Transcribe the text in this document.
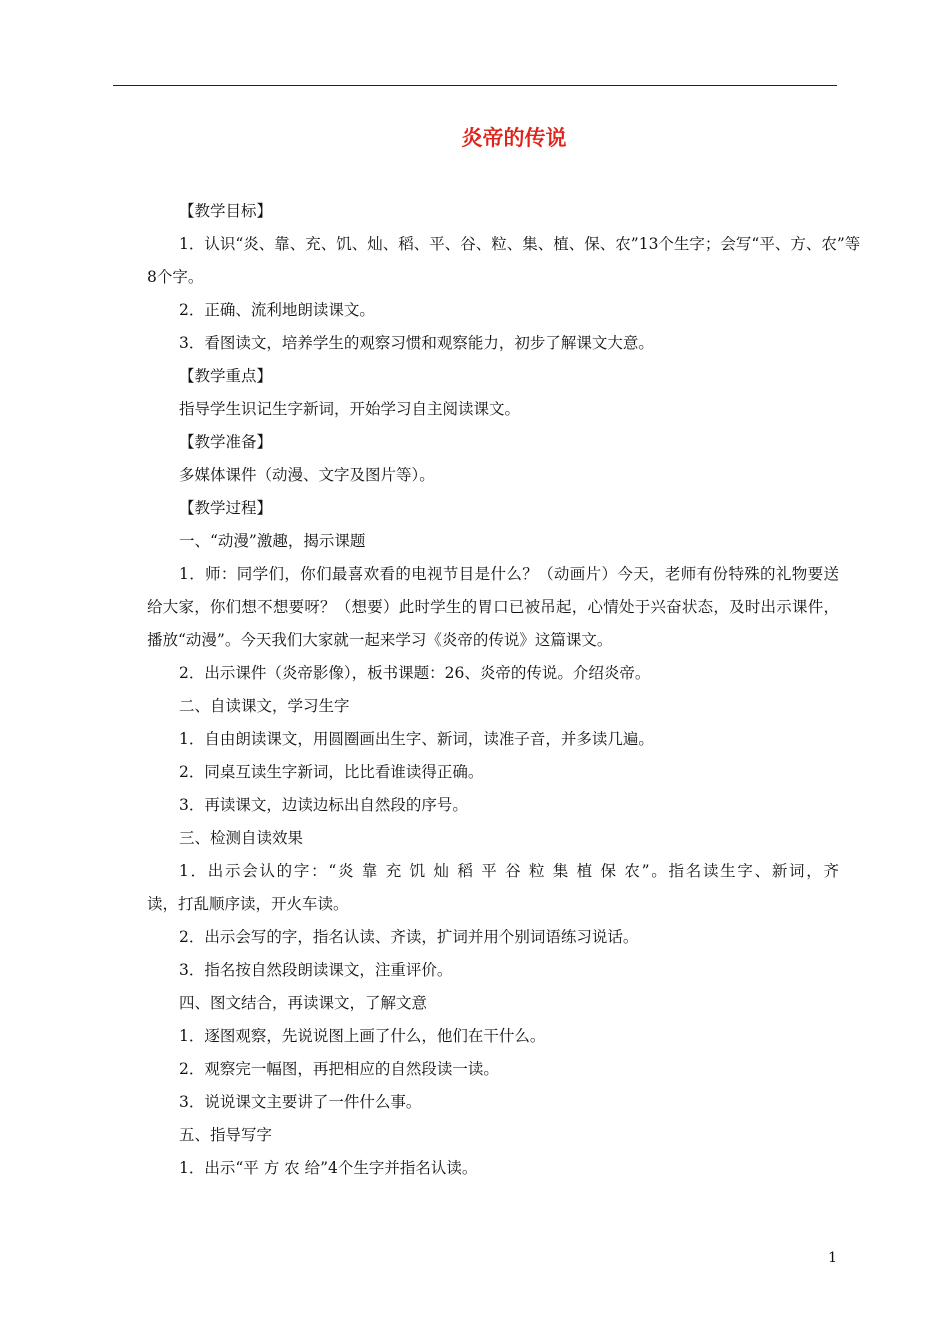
炎帝的传说
【教学目标】
1．认识“炎、靠、充、饥、灿、稻、平、谷、粒、集、植、保、农”13个生字；会写“平、方、农”等
8个字。
2．正确、流利地朗读课文。
3．看图读文，培养学生的观察习惯和观察能力，初步了解课文大意。
【教学重点】
指导学生识记生字新词，开始学习自主阅读课文。
【教学准备】
多媒体课件（动漫、文字及图片等）。
【教学过程】
一、“动漫”激趣，揭示课题
1．师：同学们，你们最喜欢看的电视节目是什么？（动画片）今天，老师有份特殊的礼物要送
给大家，你们想不想要呀？（想要）此时学生的胃口已被吊起，心情处于兴奋状态，及时出示课件，
播放“动漫”。今天我们大家就一起来学习《炎帝的传说》这篇课文。
2．出示课件（炎帝影像），板书课题：26、炎帝的传说。介绍炎帝。
二、自读课文，学习生字
1．自由朗读课文，用圆圈画出生字、新词，读准子音，并多读几遍。
2．同桌互读生字新词，比比看谁读得正确。
3．再读课文，边读边标出自然段的序号。
三、检测自读效果
1．出示会认的字：“炎 靠 充 饥 灿 稻 平 谷 粒 集 植 保 农”。指名读生字、新词，齐
读，打乱顺序读，开火车读。
2．出示会写的字，指名认读、齐读，扩词并用个别词语练习说话。
3．指名按自然段朗读课文，注重评价。
四、图文结合，再读课文，了解文意
1．逐图观察，先说说图上画了什么，他们在干什么。
2．观察完一幅图，再把相应的自然段读一读。
3．说说课文主要讲了一件什么事。
五、指导写字
1．出示“平 方 农 给”4个生字并指名认读。
1
